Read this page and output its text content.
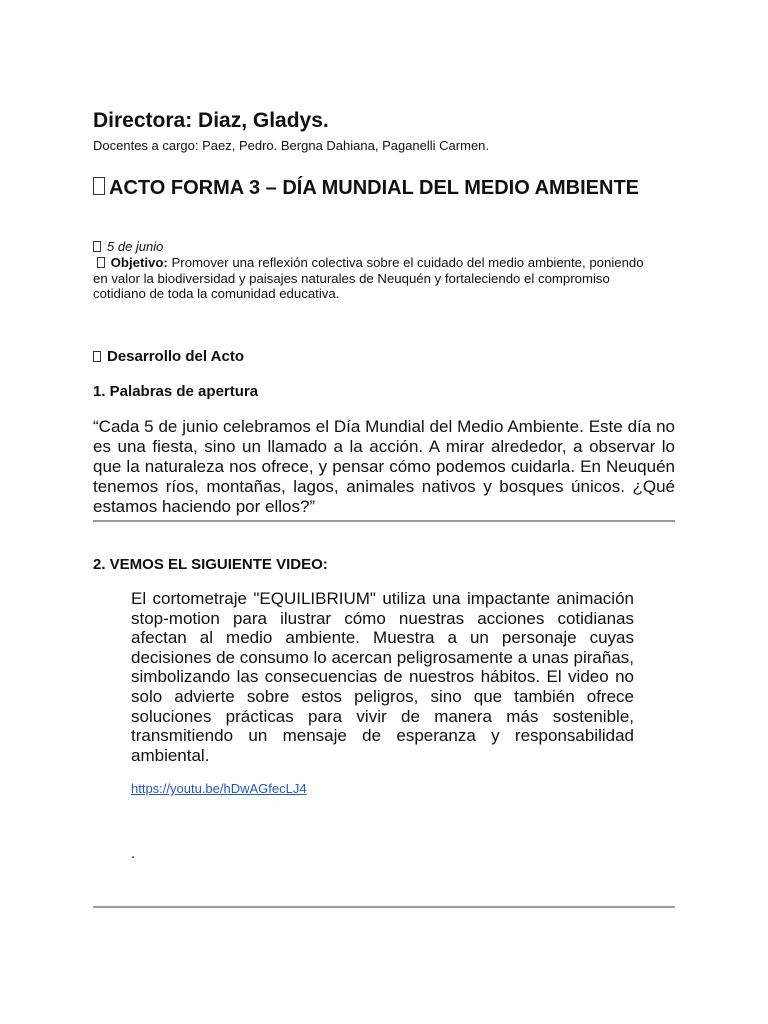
Directora: Diaz, Gladys.

Docentes a cargo: Paez, Pedro. Bergna Dahiana, Paganelli Carmen.

ACTO FORMA 3 – DÍA MUNDIAL DEL MEDIO AMBIENTE

5 de junio

Objetivo: Promover una reflexión colectiva sobre el cuidado del medio ambiente, poniendo en valor la biodiversidad y paisajes naturales de Neuquén y fortaleciendo el compromiso cotidiano de toda la comunidad educativa.

Desarrollo del Acto

1. Palabras de apertura

“Cada 5 de junio celebramos el Día Mundial del Medio Ambiente. Este día no es una fiesta, sino un llamado a la acción. A mirar alrededor, a observar lo que la naturaleza nos ofrece, y pensar cómo podemos cuidarla. En Neuquén tenemos ríos, montañas, lagos, animales nativos y bosques únicos. ¿Qué estamos haciendo por ellos?”

2. VEMOS EL SIGUIENTE VIDEO:

El cortometraje "EQUILIBRIUM" utiliza una impactante animación stop-motion para ilustrar cómo nuestras acciones cotidianas afectan al medio ambiente. Muestra a un personaje cuyas decisiones de consumo lo acercan peligrosamente a unas pirañas, simbolizando las consecuencias de nuestros hábitos. El video no solo advierte sobre estos peligros, sino que también ofrece soluciones prácticas para vivir de manera más sostenible, transmitiendo un mensaje de esperanza y responsabilidad ambiental.

https://youtu.be/hDwAGfecLJ4

.
